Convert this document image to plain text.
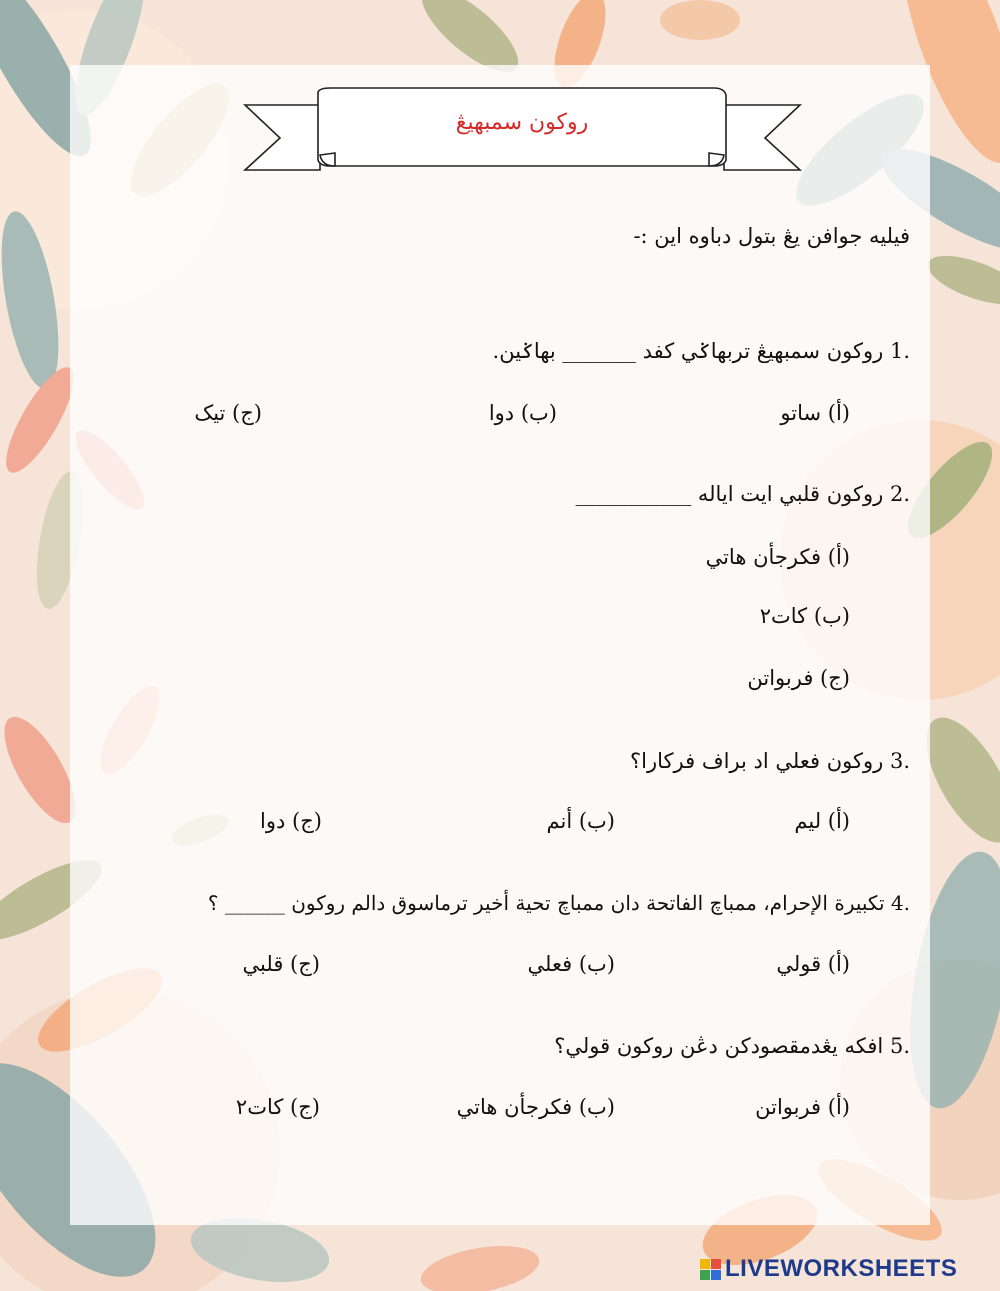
روکون سمبهيڠ
فيليه جوافن يڠ بتول دباوه اين :-
1. روکون سمبهيڠ تربهاݢي کفد _______ بهاݢين.
(أ) ساتو
(ب) دوا
(ج) تيک
2. روکون قلبي ايت اياله ___________
(أ) فکرجأن هاتي
(ب) کات٢
(ج) فربواتن
3. روکون فعلي اد براف فرکارا؟
(أ) ليم
(ب) أنم
(ج) دوا
4. تکبيرة الإحرام، ممباچ الفاتحة دان ممباچ تحية أخير ترماسوق دالم روکون ______ ؟
(أ) قولي
(ب) فعلي
(ج) قلبي
5. افکه يڠدمقصودکن دڠن روکون قولي؟
(أ) فربواتن
(ب) فکرجأن هاتي
(ج) کات٢
LIVEWORKSHEETS
